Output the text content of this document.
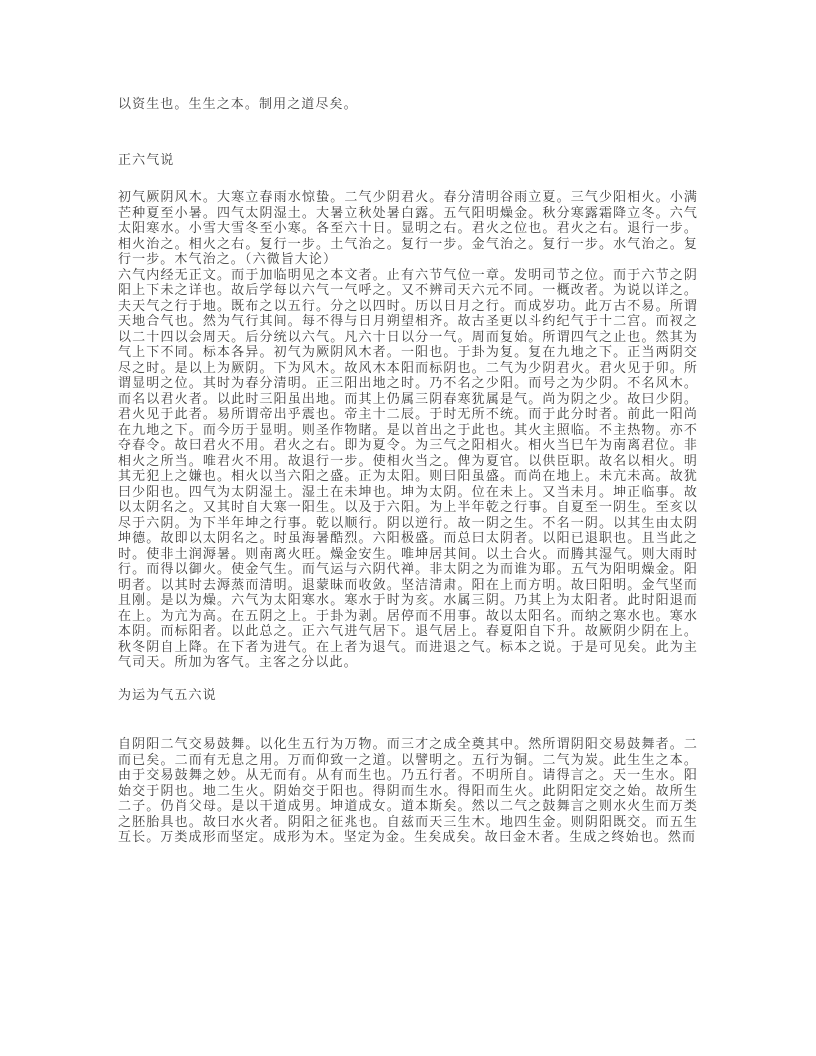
以资生也。生生之本。制用之道尽矣。

正六气说

初气厥阴风木。大寒立春雨水惊蛰。二气少阴君火。春分清明谷雨立夏。三气少阳相火。小满芒种夏至小暑。四气太阴湿土。大暑立秋处暑白露。五气阳明燥金。秋分寒露霜降立冬。六气太阳寒水。小雪大雪冬至小寒。各至六十日。显明之右。君火之位也。君火之右。退行一步。相火治之。相火之右。复行一步。土气治之。复行一步。金气治之。复行一步。水气治之。复行一步。木气治之。（六微旨大论）

六气内经无正文。而于加临明见之本文者。止有六节气位一章。发明司节之位。而于六节之阴阳上下未之详也。故后学每以六气一气呼之。又不辨司天六元不同。一概改者。为说以详之。夫天气之行于地。既布之以五行。分之以四时。历以日月之行。而成岁功。此万古不易。所谓天地合气也。然为气行其间。每不得与日月朔望相齐。故古圣更以斗约纪气于十二宫。而衩之以二十四以会周天。后分统以六气。凡六十日以分一气。周而复始。所谓四气之止也。然其为气上下不同。标本各异。初气为厥阴风木者。一阳也。于卦为复。复在九地之下。正当两阴交尽之时。是以上为厥阴。下为风木。故风木本阳而标阴也。二气为少阴君火。君火见于卯。所谓显明之位。其时为春分清明。正三阳出地之时。乃不名之少阳。而号之为少阴。不名风木。而名以君火者。以此时三阳虽出地。而其上仍属三阴春寒犹属是气。尚为阴之少。故曰少阴。君火见于此者。易所谓帝出乎震也。帝主十二辰。于时无所不统。而于此分时者。前此一阳尚在九地之下。而今历于显明。则圣作物睹。是以首出之于此也。其火主照临。不主热物。亦不夺春令。故曰君火不用。君火之右。即为夏令。为三气之阳相火。相火当巳午为南离君位。非相火之所当。唯君火不用。故退行一步。使相火当之。俾为夏官。以供臣职。故名以相火。明其无犯上之嫌也。相火以当六阳之盛。正为太阳。则曰阳虽盛。而尚在地上。未亢未高。故犹曰少阳也。四气为太阴湿土。湿土在未坤也。坤为太阴。位在未上。又当未月。坤正临事。故以太阴名之。又其时自大寒一阳生。以及于六阳。为上半年乾之行事。自夏至一阴生。至亥以尽于六阴。为下半年坤之行事。乾以顺行。阴以逆行。故一阴之生。不名一阴。以其生由太阴坤德。故即以太阴名之。时虽海暑酷烈。六阳极盛。而总曰太阴者。以阳已退职也。且当此之时。使非土润溽暑。则南离火旺。燥金安生。唯坤居其间。以土合火。而腾其湿气。则大雨时行。而得以御火。使金气生。而气运与六阴代禅。非太阴之为而谁为耶。五气为阳明燥金。阳明者。以其时去溽蒸而清明。退蒙昧而收敛。坚洁清肃。阳在上而方明。故曰阳明。金气坚而且刚。是以为燥。六气为太阳寒水。寒水于时为亥。水属三阴。乃其上为太阳者。此时阳退而在上。为亢为高。在五阴之上。于卦为剥。居停而不用事。故以太阳名。而纳之寒水也。寒水本阴。而标阳者。以此总之。正六气进气居下。退气居上。春夏阳自下升。故厥阴少阴在上。秋冬阴自上降。在下者为进气。在上者为退气。而进退之气。标本之说。于是可见矣。此为主气司天。所加为客气。主客之分以此。

为运为气五六说

自阴阳二气交易鼓舞。以化生五行为万物。而三才之成全奠其中。然所谓阴阳交易鼓舞者。二而已矣。二而有无息之用。万而仰致一之道。以譬明之。五行为铜。二气为炭。此生生之本。由于交易鼓舞之妙。从无而有。从有而生也。乃五行者。不明所自。请得言之。天一生水。阳始交于阴也。地二生火。阴始交于阳也。得阴而生水。得阳而生火。此阴阳定交之始。故所生二子。仍肖父母。是以干道成男。坤道成女。道本斯矣。然以二气之鼓舞言之则水火生而万类之胚胎具也。故曰水火者。阴阳之征兆也。自兹而天三生木。地四生金。则阴阳既交。而五生互长。万类成形而坚定。成形为木。坚定为金。生矣成矣。故曰金木者。生成之终始也。然而
